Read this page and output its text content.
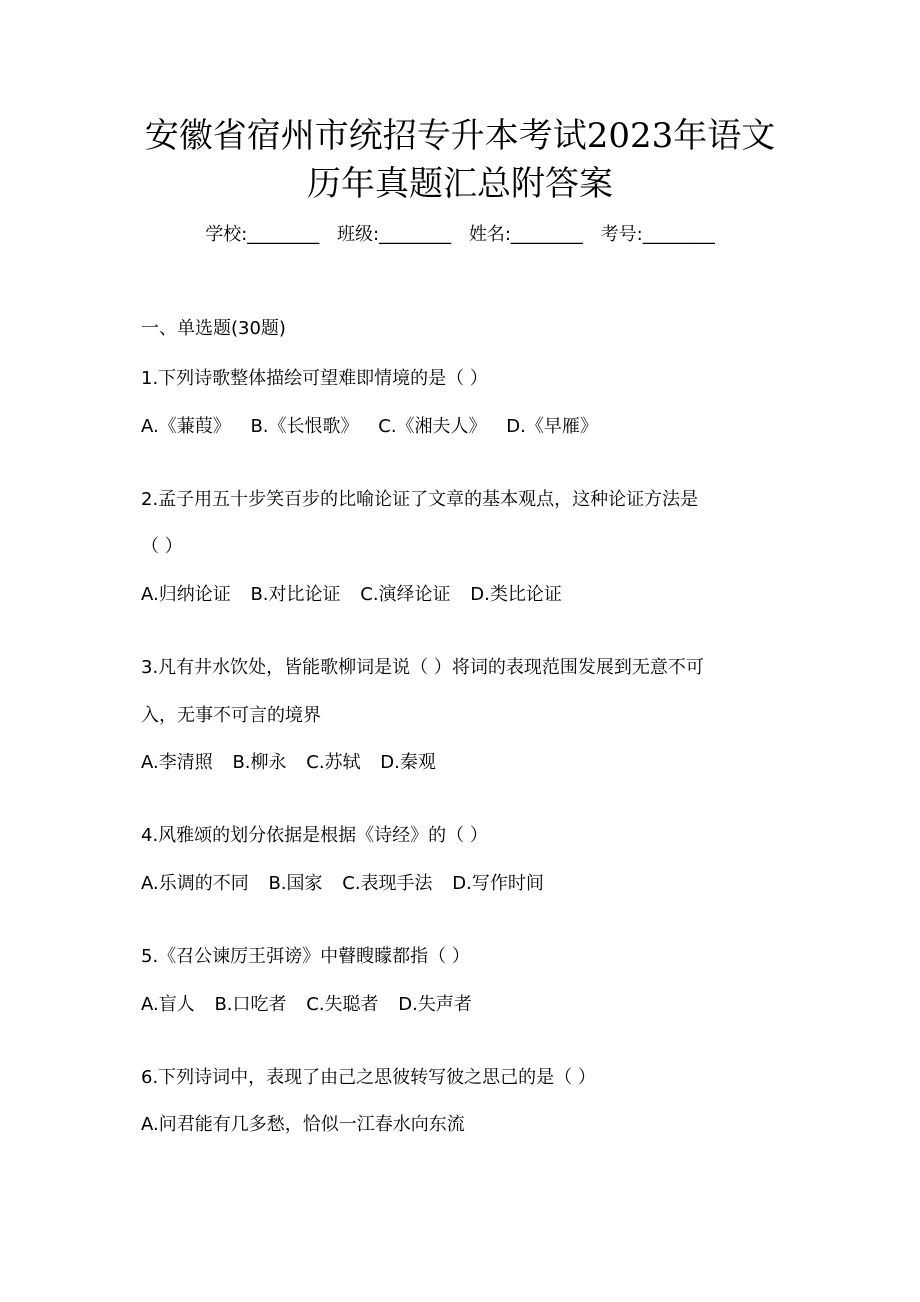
安徽省宿州市统招专升本考试2023年语文
历年真题汇总附答案
学校:________ 班级:________ 姓名:________ 考号:________
一、单选题(30题)
1.下列诗歌整体描绘可望难即情境的是（ ）
A.《蒹葭》 B.《长恨歌》 C.《湘夫人》 D.《早雁》
2.孟子用五十步笑百步的比喻论证了文章的基本观点，这种论证方法是
（ ）
A.归纳论证 B.对比论证 C.演绎论证 D.类比论证
3.凡有井水饮处，皆能歌柳词是说（ ）将词的表现范围发展到无意不可
入，无事不可言的境界
A.李清照 B.柳永 C.苏轼 D.秦观
4.风雅颂的划分依据是根据《诗经》的（ ）
A.乐调的不同 B.国家 C.表现手法 D.写作时间
5.《召公谏厉王弭谤》中瞽瞍矇都指（ ）
A.盲人 B.口吃者 C.失聪者 D.失声者
6.下列诗词中，表现了由己之思彼转写彼之思己的是（ ）
A.问君能有几多愁，恰似一江春水向东流
